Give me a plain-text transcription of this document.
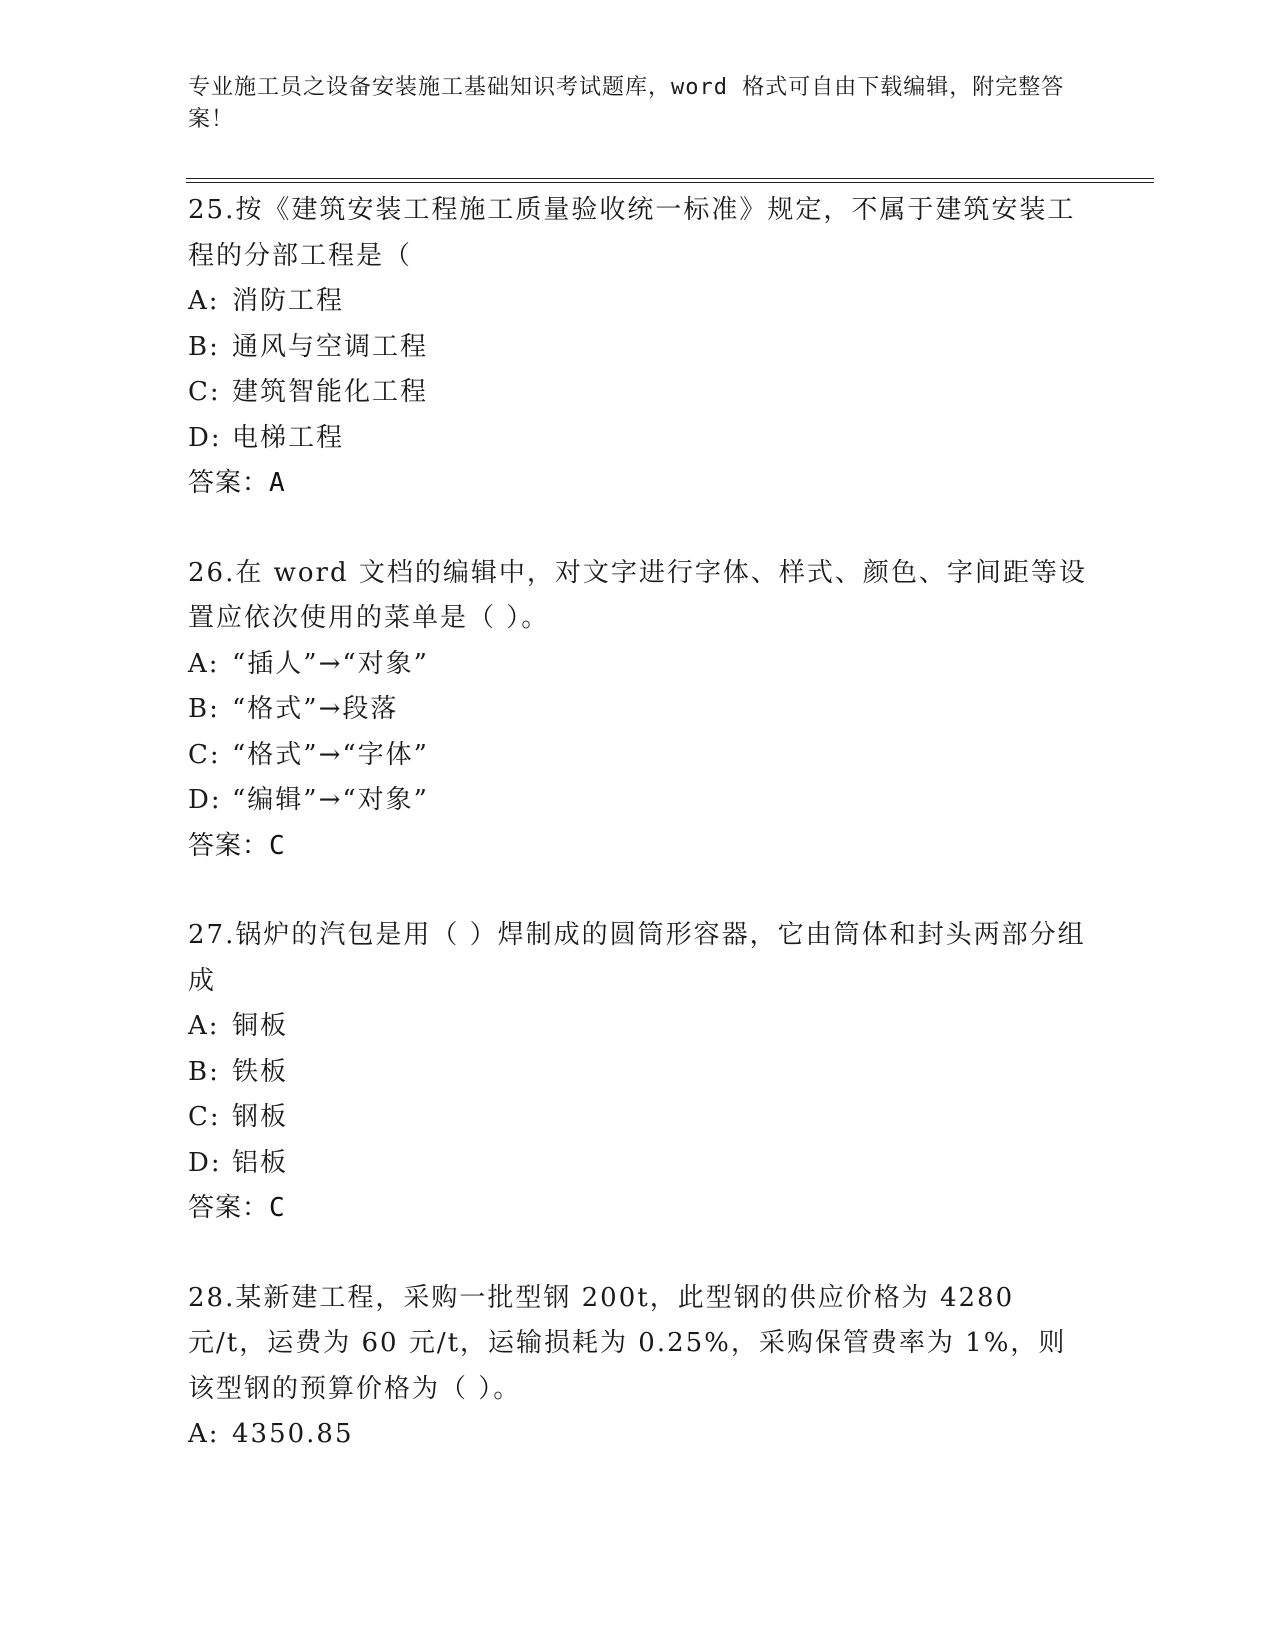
专业施工员之设备安装施工基础知识考试题库，word 格式可自由下载编辑，附完整答案！
25.按《建筑安装工程施工质量验收统一标准》规定，不属于建筑安装工程的分部工程是（
A: 消防工程
B: 通风与空调工程
C: 建筑智能化工程
D: 电梯工程
答案：A
26.在 word 文档的编辑中，对文字进行字体、样式、颜色、字间距等设置应依次使用的菜单是（ ）。
A: “插人”→“对象”
B: “格式”→段落
C: “格式”→“字体”
D: “编辑”→“对象”
答案：C
27.锅炉的汽包是用（ ）焊制成的圆筒形容器，它由筒体和封头两部分组成
A: 铜板
B: 铁板
C: 钢板
D: 铝板
答案：C
28.某新建工程，采购一批型钢 200t，此型钢的供应价格为 4280 元/t，运费为 60 元/t，运输损耗为 0.25%，采购保管费率为 1%，则该型钢的预算价格为（ ）。
A: 4350.85
